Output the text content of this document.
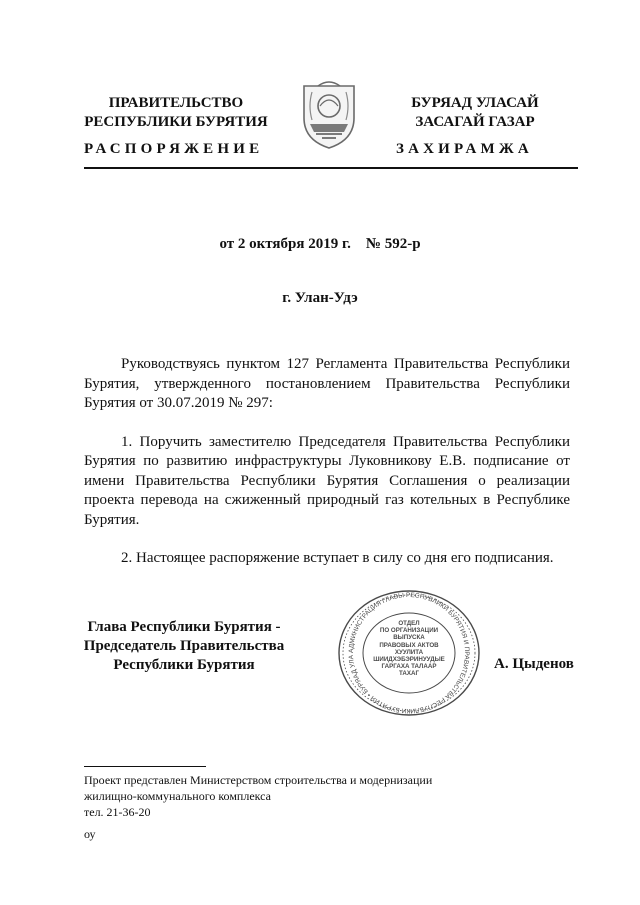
ПРАВИТЕЛЬСТВО
РЕСПУБЛИКИ БУРЯТИЯ
БУРЯАД УЛАСАЙ
ЗАСАГАЙ ГАЗАР
РАСПОРЯЖЕНИЕ	ЗАХИРАМЖА
от 2 октября 2019 г.    № 592-р
г. Улан-Удэ

Руководствуясь пунктом 127 Регламента Правительства Республики Бурятия, утвержденного постановлением Правительства Республики Бурятия от 30.07.2019 № 297:

1. Поручить заместителю Председателя Правительства Республики Бурятия по развитию инфраструктуры Луковникову Е.В. подписание от имени Правительства Республики Бурятия Соглашения о реализации проекта перевода на сжиженный природный газ котельных в Республике Бурятия.

2. Настоящее распоряжение вступает в силу со дня его подписания.

Глава Республики Бурятия -
Председатель Правительства
Республики Бурятия
АДМИНИСТРАЦИЯ ГЛАВЫ РЕСПУБЛИКИ БУРЯТИЯ И ПРАВИТЕЛЬСТВА РЕСПУБЛИКИ БУРЯТИЯ • БУРЯАД УЛА
ОТДЕЛ
ПО ОРГАНИЗАЦИИ
ВЫПУСКА
ПРАВОВЫХ АКТОВ
ХУУЛИТА
ШИИДХЭБЭРИНУУДЫЕ
ГАРГАХА ТАЛААР
ТАХАГ
А. Цыденов
Проект представлен Министерством строительства и модернизации
жилищно-коммунального комплекса
тел. 21-36-20
оу
